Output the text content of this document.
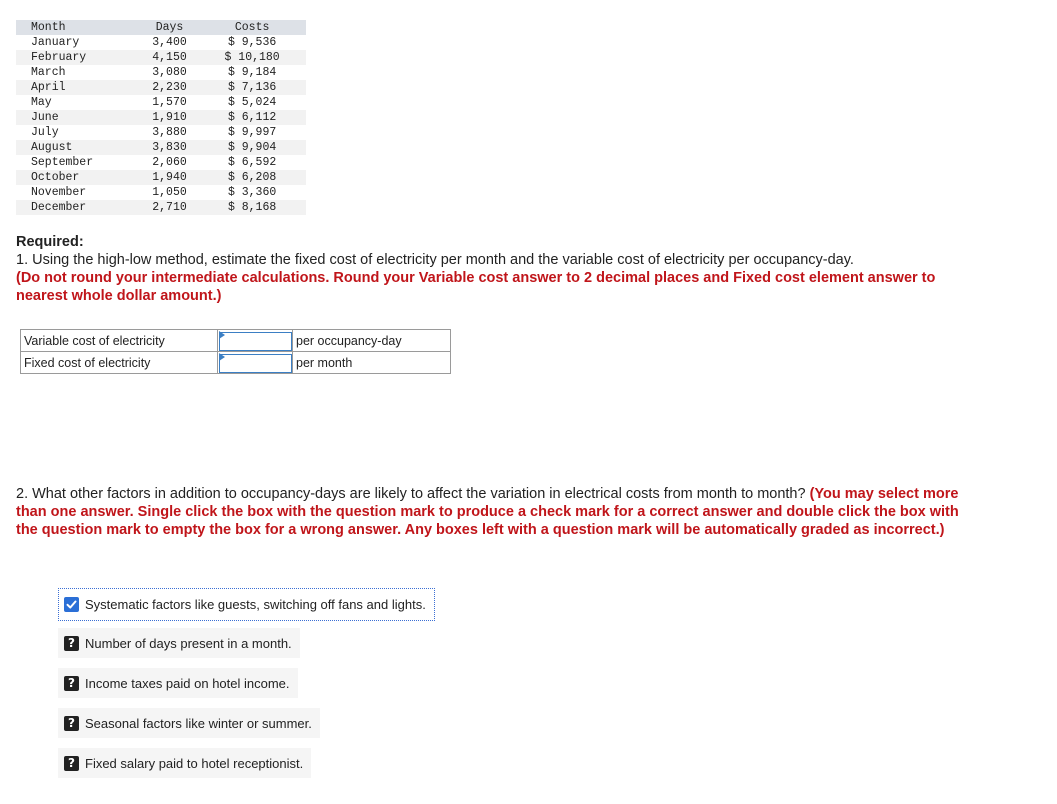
Month	Days	Costs
January	3,400	$ 9,536
February	4,150	$ 10,180
March	3,080	$ 9,184
April	2,230	$ 7,136
May	1,570	$ 5,024
June	1,910	$ 6,112
July	3,880	$ 9,997
August	3,830	$ 9,904
September	2,060	$ 6,592
October	1,940	$ 6,208
November	1,050	$ 3,360
December	2,710	$ 8,168
Required:
1. Using the high-low method, estimate the fixed cost of electricity per month and the variable cost of electricity per occupancy-day.
(Do not round your intermediate calculations. Round your Variable cost answer to 2 decimal places and Fixed cost element answer to nearest whole dollar amount.)
Variable cost of electricity		per occupancy-day
Fixed cost of electricity		per month
2. What other factors in addition to occupancy-days are likely to affect the variation in electrical costs from month to month? (You may select more than one answer. Single click the box with the question mark to produce a check mark for a correct answer and double click the box with the question mark to empty the box for a wrong answer. Any boxes left with a question mark will be automatically graded as incorrect.)
Systematic factors like guests, switching off fans and lights.
? Number of days present in a month.
? Income taxes paid on hotel income.
? Seasonal factors like winter or summer.
? Fixed salary paid to hotel receptionist.
